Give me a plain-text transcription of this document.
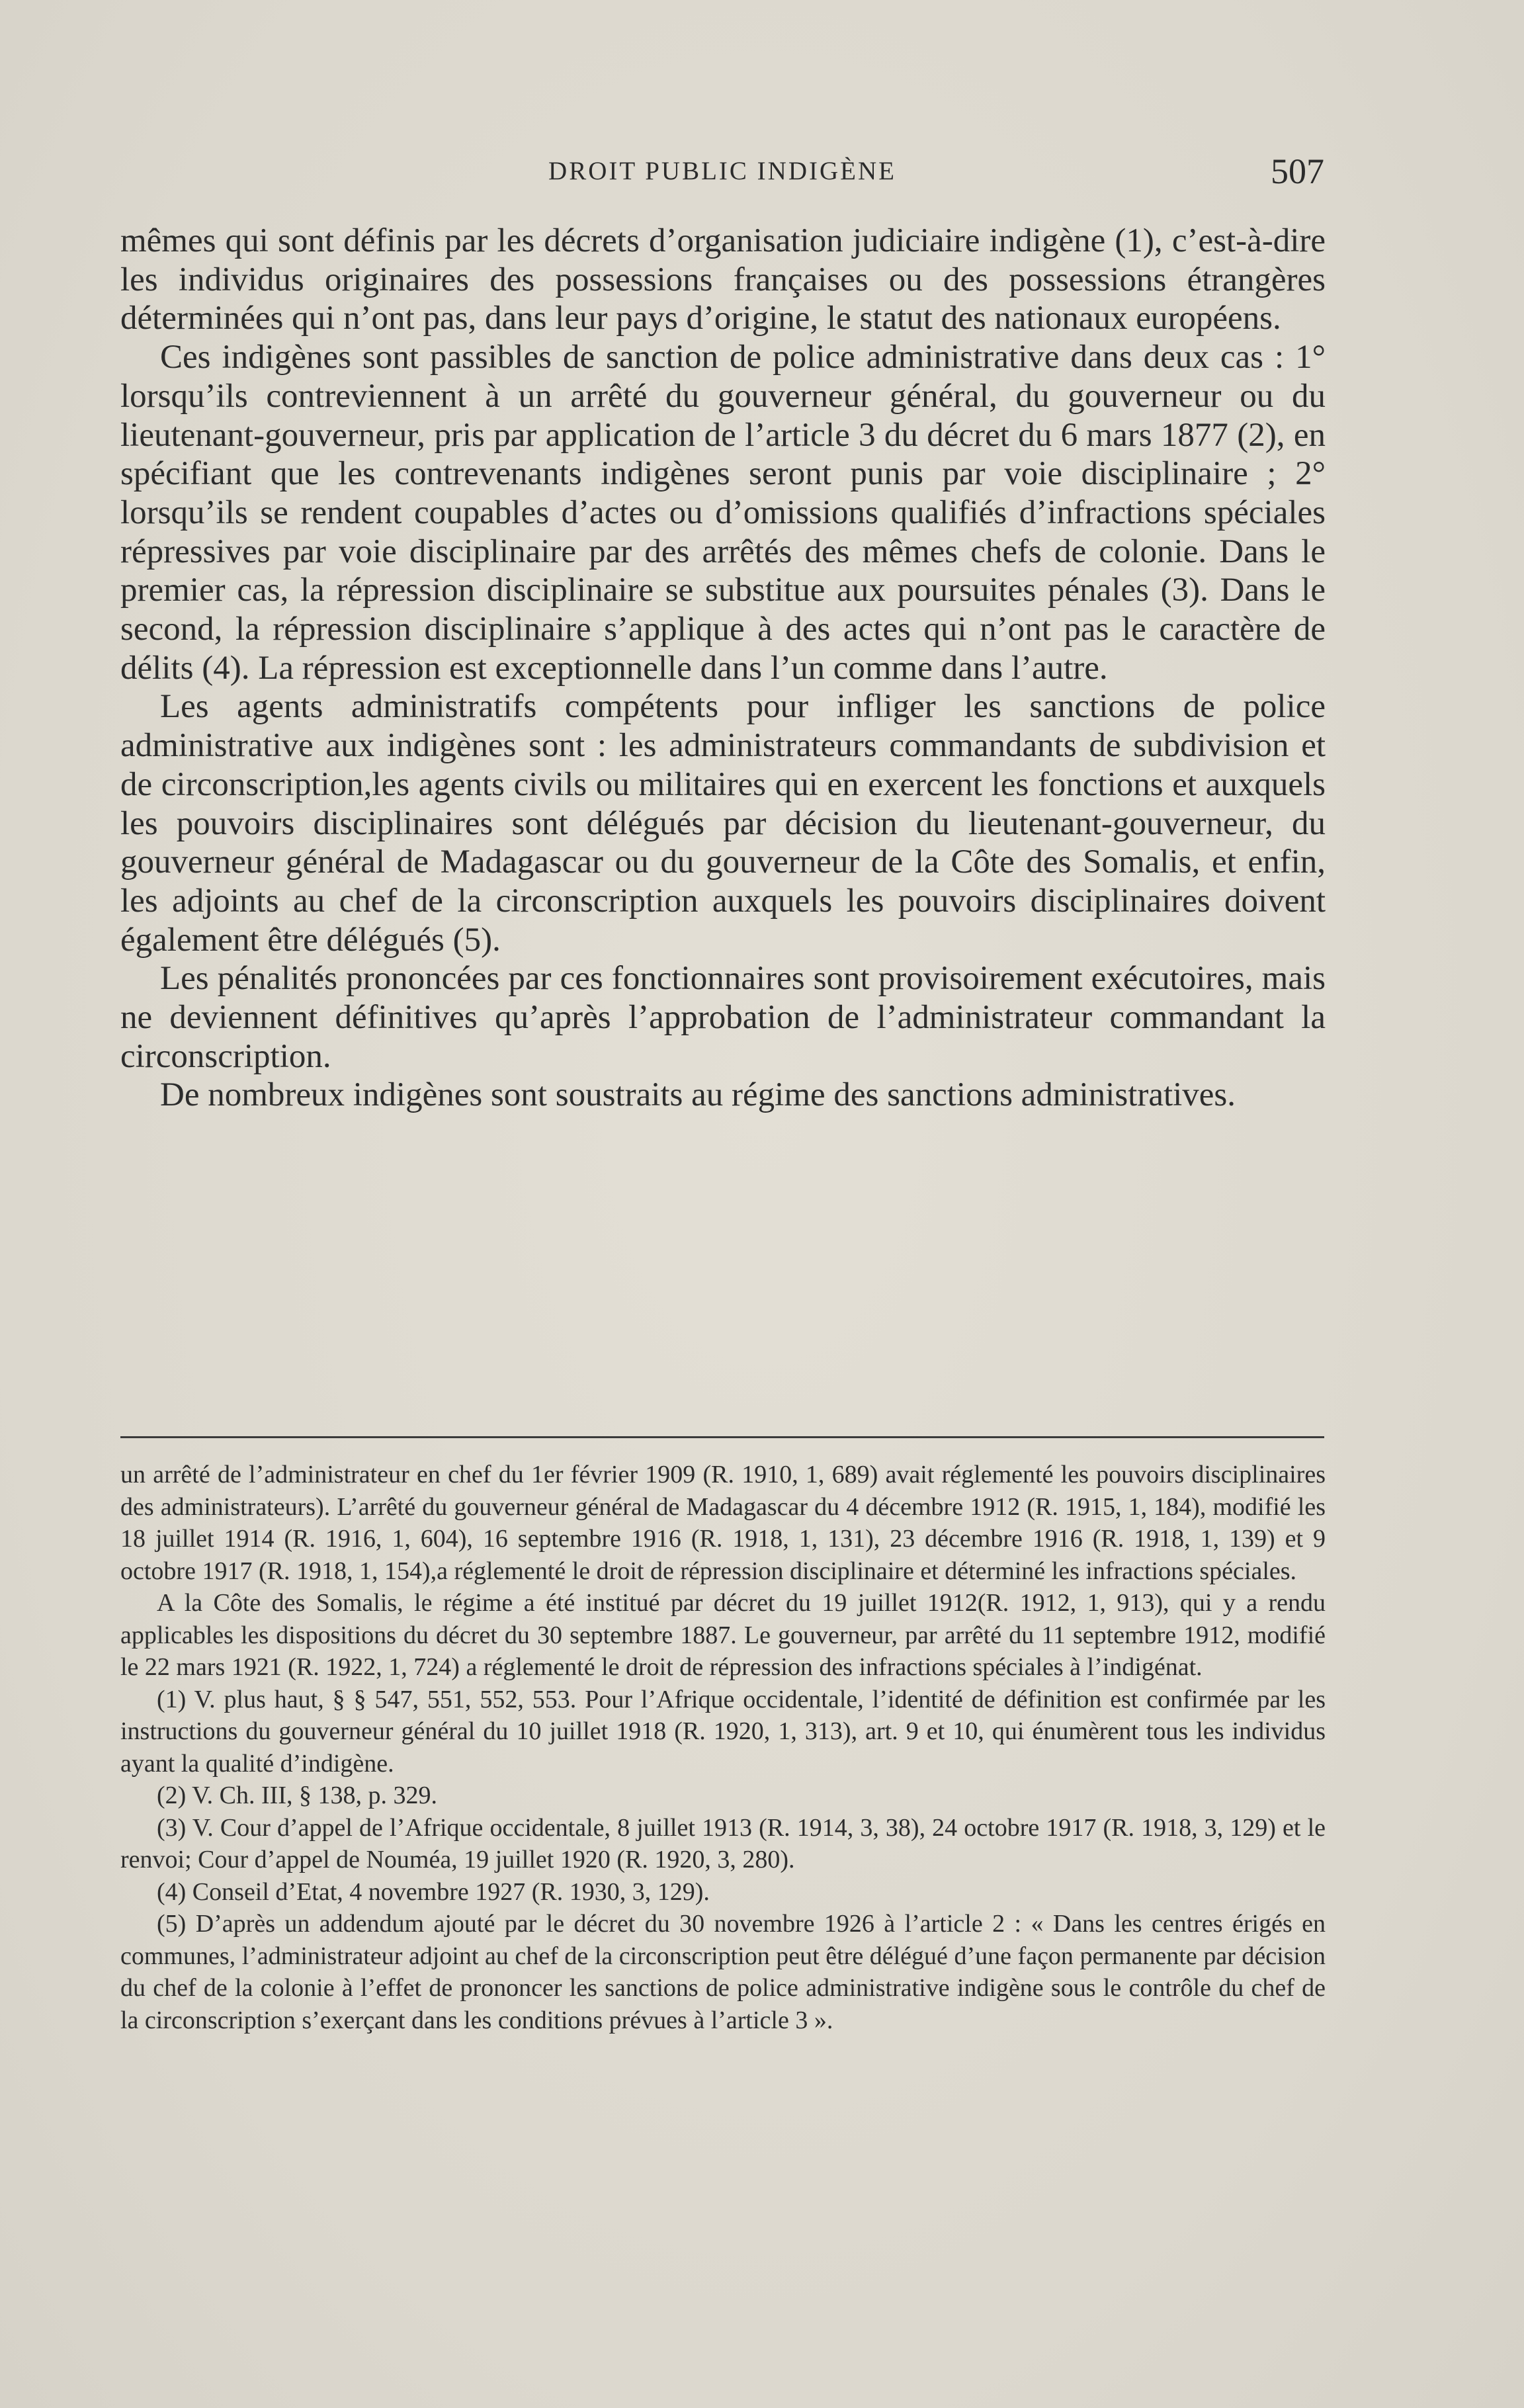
DROIT PUBLIC INDIGÈNE	507

mêmes qui sont définis par les décrets d’organisation judiciaire indigène (1), c’est-à-dire les individus originaires des possessions françaises ou des possessions étrangères déterminées qui n’ont pas, dans leur pays d’origine, le statut des nationaux européens.

Ces indigènes sont passibles de sanction de police administrative dans deux cas : 1° lorsqu’ils contreviennent à un arrêté du gouverneur général, du gouverneur ou du lieutenant-gouverneur, pris par application de l’article 3 du décret du 6 mars 1877 (2), en spécifiant que les contrevenants indigènes seront punis par voie disciplinaire ; 2° lorsqu’ils se rendent coupables d’actes ou d’omissions qualifiés d’infractions spéciales répressives par voie disciplinaire par des arrêtés des mêmes chefs de colonie. Dans le premier cas, la répression disciplinaire se substitue aux poursuites pénales (3). Dans le second, la répression disciplinaire s’applique à des actes qui n’ont pas le caractère de délits (4). La répression est exceptionnelle dans l’un comme dans l’autre.

Les agents administratifs compétents pour infliger les sanctions de police administrative aux indigènes sont : les administrateurs commandants de subdivision et de circonscription,les agents civils ou militaires qui en exercent les fonctions et auxquels les pouvoirs disciplinaires sont délégués par décision du lieutenant-gouverneur, du gouverneur général de Madagascar ou du gouverneur de la Côte des Somalis, et enfin, les adjoints au chef de la circonscription auxquels les pouvoirs disciplinaires doivent également être délégués (5).

Les pénalités prononcées par ces fonctionnaires sont provisoirement exécutoires, mais ne deviennent définitives qu’après l’approbation de l’administrateur commandant la circonscription.

De nombreux indigènes sont soustraits au régime des sanctions administratives.

un arrêté de l’administrateur en chef du 1er février 1909 (R. 1910, 1, 689) avait réglementé les pouvoirs disciplinaires des administrateurs). L’arrêté du gouverneur général de Madagascar du 4 décembre 1912 (R. 1915, 1, 184), modifié les 18 juillet 1914 (R. 1916, 1, 604), 16 septembre 1916 (R. 1918, 1, 131), 23 décembre 1916 (R. 1918, 1, 139) et 9 octobre 1917 (R. 1918, 1, 154),a réglementé le droit de répression disciplinaire et déterminé les infractions spéciales.

A la Côte des Somalis, le régime a été institué par décret du 19 juillet 1912(R. 1912, 1, 913), qui y a rendu applicables les dispositions du décret du 30 septembre 1887. Le gouverneur, par arrêté du 11 septembre 1912, modifié le 22 mars 1921 (R. 1922, 1, 724) a réglementé le droit de répression des infractions spéciales à l’indigénat.

(1) V. plus haut, § § 547, 551, 552, 553. Pour l’Afrique occidentale, l’identité de définition est confirmée par les instructions du gouverneur général du 10 juillet 1918 (R. 1920, 1, 313), art. 9 et 10, qui énumèrent tous les individus ayant la qualité d’indigène.

(2) V. Ch. III, § 138, p. 329.

(3) V. Cour d’appel de l’Afrique occidentale, 8 juillet 1913 (R. 1914, 3, 38), 24 octobre 1917 (R. 1918, 3, 129) et le renvoi; Cour d’appel de Nouméa, 19 juillet 1920 (R. 1920, 3, 280).

(4) Conseil d’Etat, 4 novembre 1927 (R. 1930, 3, 129).

(5) D’après un addendum ajouté par le décret du 30 novembre 1926 à l’article 2 : « Dans les centres érigés en communes, l’administrateur adjoint au chef de la circonscription peut être délégué d’une façon permanente par décision du chef de la colonie à l’effet de prononcer les sanctions de police administrative indigène sous le contrôle du chef de la circonscription s’exerçant dans les conditions prévues à l’article 3 ».
